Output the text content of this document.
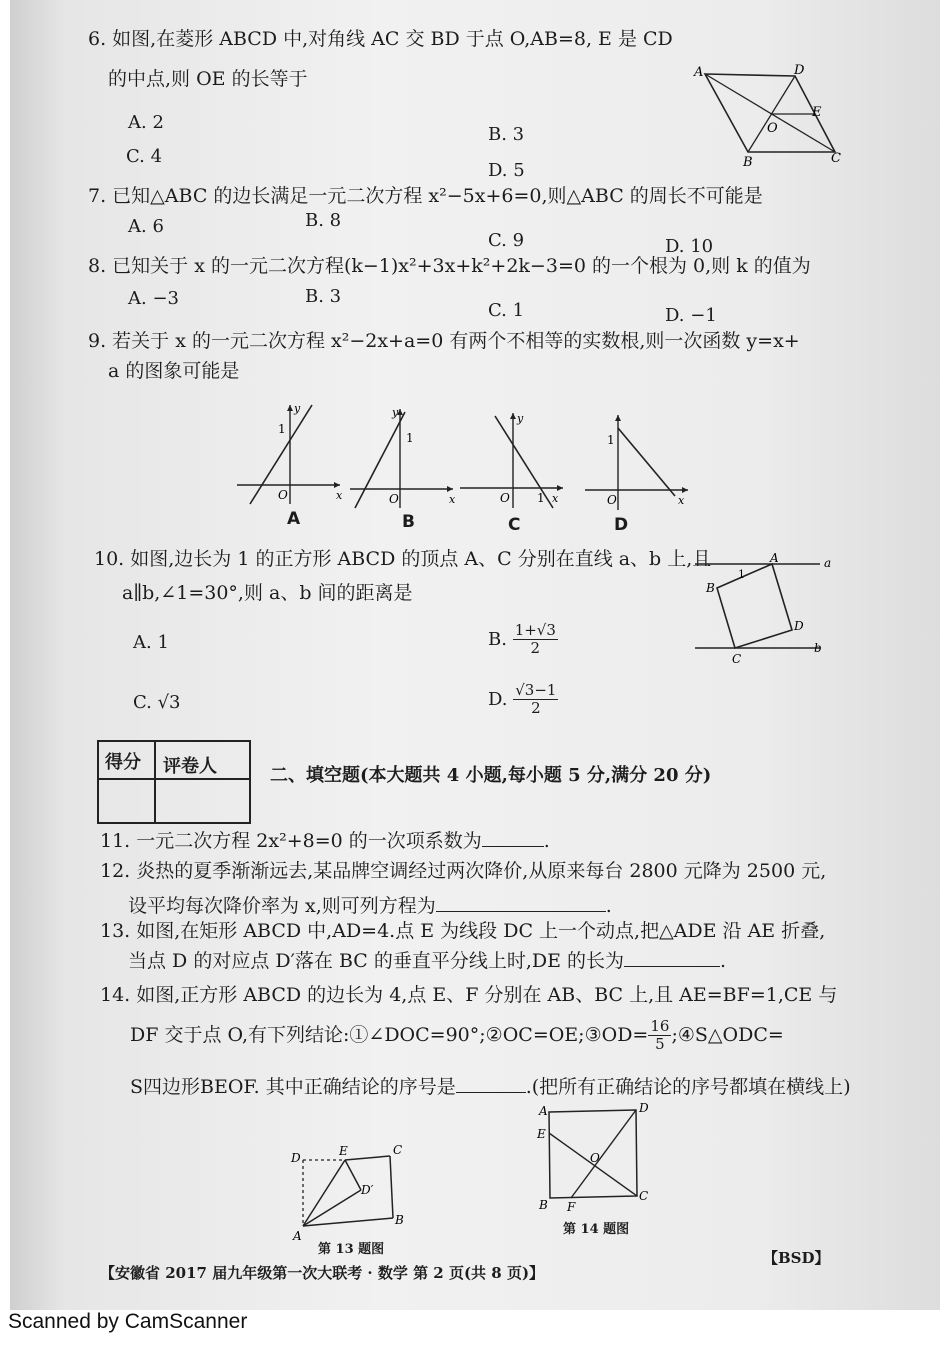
6. 如图,在菱形 ABCD 中,对角线 AC 交 BD 于点 O,AB=8, E 是 CD
的中点,则 OE 的长等于
A. 2
B. 3
C. 4
D. 5
A	D
E
O
B	C
7. 已知△ABC 的边长满足一元二次方程 x²−5x+6=0,则△ABC 的周长不可能是
A. 6	B. 8
C. 9	D. 10
8. 已知关于 x 的一元二次方程(k−1)x²+3x+k²+2k−3=0 的一个根为 0,则 k 的值为
A. −3	B. 3
C. 1	D. −1
9. 若关于 x 的一元二次方程 x²−2x+a=0 有两个不相等的实数根,则一次函数 y=x+
a 的图象可能是
y
x
O
1
A
y
x
O
1
B
y
x
O 1
C
1
x
O
D
10. 如图,边长为 1 的正方形 ABCD 的顶点 A、C 分别在直线 a、b 上,且
a∥b,∠1=30°,则 a、b 间的距离是
A. 1	B. $\frac{1+√3}{2}$
C. √3	D. $\frac{√3-1}{2}$
A	a
1
B
D
C
b
得分 评卷人	二、填空题(本大题共 4 小题,每小题 5 分,满分 20 分)
11. 一元二次方程 2x²+8=0 的一次项系数为	.
12. 炎热的夏季渐渐远去,某品牌空调经过两次降价,从原来每台 2800 元降为 2500 元,
设平均每次降价率为 x,则可列方程为	.
13. 如图,在矩形 ABCD 中,AD=4.点 E 为线段 DC 上一个动点,把△ADE 沿 AE 折叠,
当点 D 的对应点 D′落在 BC 的垂直平分线上时,DE 的长为	.
14. 如图,正方形 ABCD 的边长为 4,点 E、F 分别在 AB、BC 上,且 AE=BF=1,CE 与
DF 交于点 O,有下列结论:①∠DOC=90°;②OC=OE;③OD= $\frac{16}{5}$ ;④S△ODC=
S四边形BEOF. 其中正确结论的序号是	.(把所有正确结论的序号都填在横线上)
D	E	C
D′
A
B
第 13 题图
A	D
E
O
B F
C
第 14 题图
【安徽省 2017 届九年级第一次大联考 · 数学 第 2 页(共 8 页)】
【BSD】
Scanned by CamScanner
